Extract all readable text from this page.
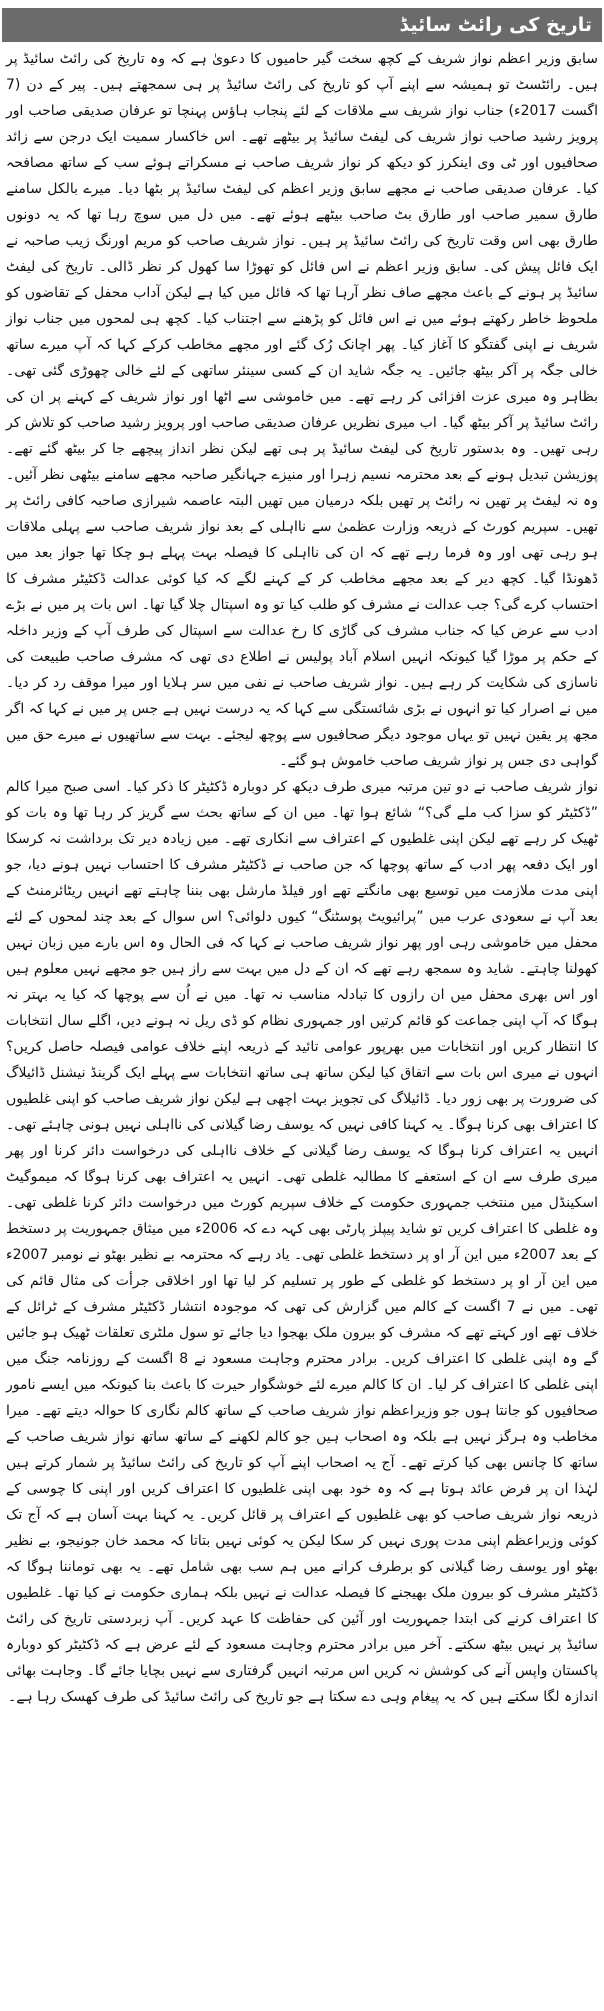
تاریخ کی رائٹ سائیڈ

سابق وزیر اعظم نواز شریف کے کچھ سخت گیر حامیوں کا دعویٰ ہے کہ وہ تاریخ کی رائٹ سائیڈ پر ہیں۔ رائٹسٹ تو ہمیشہ سے اپنے آپ کو تاریخ کی رائٹ سائیڈ پر ہی سمجھتے ہیں۔ پیر کے دن (7 اگست 2017ء) جناب نواز شریف سے ملاقات کے لئے پنجاب ہاؤس پہنچا تو عرفان صدیقی صاحب اور پرویز رشید صاحب نواز شریف کی لیفٹ سائیڈ پر بیٹھے تھے۔ اس خاکسار سمیت ایک درجن سے زائد صحافیوں اور ٹی وی اینکرز کو دیکھ کر نواز شریف صاحب نے مسکراتے ہوئے سب کے ساتھ مصافحہ کیا۔ عرفان صدیقی صاحب نے مجھے سابق وزیر اعظم کی لیفٹ سائیڈ پر بٹھا دیا۔ میرے بالکل سامنے طارق سمیر صاحب اور طارق بٹ صاحب بیٹھے ہوئے تھے۔ میں دل میں سوچ رہا تھا کہ یہ دونوں طارق بھی اس وقت تاریخ کی رائٹ سائیڈ پر ہیں۔ نواز شریف صاحب کو مریم اورنگ زیب صاحبہ نے ایک فائل پیش کی۔ سابق وزیر اعظم نے اس فائل کو تھوڑا سا کھول کر نظر ڈالی۔ تاریخ کی لیفٹ سائیڈ پر ہونے کے باعث مجھے صاف نظر آرہا تھا کہ فائل میں کیا ہے لیکن آداب محفل کے تقاضوں کو ملحوظ خاطر رکھتے ہوئے میں نے اس فائل کو پڑھنے سے اجتناب کیا۔ کچھ ہی لمحوں میں جناب نواز شریف نے اپنی گفتگو کا آغاز کیا۔ پھر اچانک رُک گئے اور مجھے مخاطب کرکے کہا کہ آپ میرے ساتھ خالی جگہ پر آکر بیٹھ جائیں۔ یہ جگہ شاید ان کے کسی سینئر ساتھی کے لئے خالی چھوڑی گئی تھی۔ بظاہر وہ میری عزت افزائی کر رہے تھے۔ میں خاموشی سے اٹھا اور نواز شریف کے کہنے پر ان کی رائٹ سائیڈ پر آکر بیٹھ گیا۔ اب میری نظریں عرفان صدیقی صاحب اور پرویز رشید صاحب کو تلاش کر رہی تھیں۔ وہ بدستور تاریخ کی لیفٹ سائیڈ پر ہی تھے لیکن نظر انداز پیچھے جا کر بیٹھ گئے تھے۔ پوزیشن تبدیل ہونے کے بعد محترمہ نسیم زہرا اور منیزے جہانگیر صاحبہ مجھے سامنے بیٹھی نظر آئیں۔ وہ نہ لیفٹ پر تھیں نہ رائٹ پر تھیں بلکہ درمیان میں تھیں البتہ عاصمہ شیرازی صاحبہ کافی رائٹ پر تھیں۔ سپریم کورٹ کے ذریعہ وزارت عظمیٰ سے نااہلی کے بعد نواز شریف صاحب سے پہلی ملاقات ہو رہی تھی اور وہ فرما رہے تھے کہ ان کی نااہلی کا فیصلہ بہت پہلے ہو چکا تھا جواز بعد میں ڈھونڈا گیا۔ کچھ دیر کے بعد مجھے مخاطب کر کے کہنے لگے کہ کیا کوئی عدالت ڈکٹیٹر مشرف کا احتساب کرے گی؟ جب عدالت نے مشرف کو طلب کیا تو وہ اسپتال چلا گیا تھا۔ اس بات پر میں نے بڑے ادب سے عرض کیا کہ جناب مشرف کی گاڑی کا رخ عدالت سے اسپتال کی طرف آپ کے وزیر داخلہ کے حکم پر موڑا گیا کیونکہ انہیں اسلام آباد پولیس نے اطلاع دی تھی کہ مشرف صاحب طبیعت کی ناسازی کی شکایت کر رہے ہیں۔ نواز شریف صاحب نے نفی میں سر ہلایا اور میرا موقف رد کر دیا۔ میں نے اصرار کیا تو انہوں نے بڑی شائستگی سے کہا کہ یہ درست نہیں ہے جس پر میں نے کہا کہ اگر مجھ پر یقین نہیں تو یہاں موجود دیگر صحافیوں سے پوچھ لیجئے۔ بہت سے ساتھیوں نے میرے حق میں گواہی دی جس پر نواز شریف صاحب خاموش ہو گئے۔

نواز شریف صاحب نے دو تین مرتبہ میری طرف دیکھ کر دوبارہ ڈکٹیٹر کا ذکر کیا۔ اسی صبح میرا کالم ”ڈکٹیٹر کو سزا کب ملے گی؟“ شائع ہوا تھا۔ میں ان کے ساتھ بحث سے گریز کر رہا تھا وہ بات کو ٹھیک کر رہے تھے لیکن اپنی غلطیوں کے اعتراف سے انکاری تھے۔ میں زیادہ دیر تک برداشت نہ کرسکا اور ایک دفعہ پھر ادب کے ساتھ پوچھا کہ جن صاحب نے ڈکٹیٹر مشرف کا احتساب نہیں ہونے دیا، جو اپنی مدت ملازمت میں توسیع بھی مانگتے تھے اور فیلڈ مارشل بھی بننا چاہتے تھے انہیں ریٹائرمنٹ کے بعد آپ نے سعودی عرب میں ”پرائیویٹ پوسٹنگ“ کیوں دلوائی؟ اس سوال کے بعد چند لمحوں کے لئے محفل میں خاموشی رہی اور پھر نواز شریف صاحب نے کہا کہ فی الحال وہ اس بارے میں زبان نہیں کھولنا چاہتے۔ شاید وہ سمجھ رہے تھے کہ ان کے دل میں بہت سے راز ہیں جو مجھے نہیں معلوم ہیں اور اس بھری محفل میں ان رازوں کا تبادلہ مناسب نہ تھا۔ میں نے اُن سے پوچھا کہ کیا یہ بہتر نہ ہوگا کہ آپ اپنی جماعت کو قائم کرتیں اور جمہوری نظام کو ڈی ریل نہ ہونے دیں، اگلے سال انتخابات کا انتظار کریں اور انتخابات میں بھرپور عوامی تائید کے ذریعہ اپنے خلاف عوامی فیصلہ حاصل کریں؟ انہوں نے میری اس بات سے اتفاق کیا لیکن ساتھ ہی ساتھ انتخابات سے پہلے ایک گرینڈ نیشنل ڈائیلاگ کی ضرورت پر بھی زور دیا۔ ڈائیلاگ کی تجویز بہت اچھی ہے لیکن نواز شریف صاحب کو اپنی غلطیوں کا اعتراف بھی کرنا ہوگا۔ یہ کہنا کافی نہیں کہ یوسف رضا گیلانی کی نااہلی نہیں ہونی چاہئے تھی۔ انہیں یہ اعتراف کرنا ہوگا کہ یوسف رضا گیلانی کے خلاف نااہلی کی درخواست دائر کرنا اور پھر میری طرف سے ان کے استعفے کا مطالبہ غلطی تھی۔ انہیں یہ اعتراف بھی کرنا ہوگا کہ میموگیٹ اسکینڈل میں منتخب جمہوری حکومت کے خلاف سپریم کورٹ میں درخواست دائر کرنا غلطی تھی۔ وہ غلطی کا اعتراف کریں تو شاید پیپلز پارٹی بھی کہہ دے کہ 2006ء میں میثاق جمہوریت پر دستخط کے بعد 2007ء میں این آر او پر دستخط غلطی تھی۔ یاد رہے کہ محترمہ بے نظیر بھٹو نے نومبر 2007ء میں این آر او پر دستخط کو غلطی کے طور پر تسلیم کر لیا تھا اور اخلاقی جرأت کی مثال قائم کی تھی۔ میں نے 7 اگست کے کالم میں گزارش کی تھی کہ موجودہ انتشار ڈکٹیٹر مشرف کے ٹرائل کے خلاف تھے اور کہتے تھے کہ مشرف کو بیرون ملک بھجوا دیا جائے تو سول ملٹری تعلقات ٹھیک ہو جائیں گے وہ اپنی غلطی کا اعتراف کریں۔ برادر محترم وجاہت مسعود نے 8 اگست کے روزنامہ جنگ میں اپنی غلطی کا اعتراف کر لیا۔ ان کا کالم میرے لئے خوشگوار حیرت کا باعث بنا کیونکہ میں ایسے نامور صحافیوں کو جانتا ہوں جو وزیراعظم نواز شریف صاحب کے ساتھ کالم نگاری کا حوالہ دیتے تھے۔ میرا مخاطب وہ ہرگز نہیں ہے بلکہ وہ اصحاب ہیں جو کالم لکھنے کے ساتھ ساتھ نواز شریف صاحب کے ساتھ کا چانس بھی کیا کرتے تھے۔ آج یہ اصحاب اپنے آپ کو تاریخ کی رائٹ سائیڈ پر شمار کرتے ہیں لہٰذا ان پر فرض عائد ہوتا ہے کہ وہ خود بھی اپنی غلطیوں کا اعتراف کریں اور اپنی کا چوسی کے ذریعہ نواز شریف صاحب کو بھی غلطیوں کے اعتراف پر قائل کریں۔ یہ کہنا بہت آسان ہے کہ آج تک کوئی وزیراعظم اپنی مدت پوری نہیں کر سکا لیکن یہ کوئی نہیں بتاتا کہ محمد خان جونیجو، بے نظیر بھٹو اور یوسف رضا گیلانی کو برطرف کرانے میں ہم سب بھی شامل تھے۔ یہ بھی توماننا ہوگا کہ ڈکٹیٹر مشرف کو بیرون ملک بھیجنے کا فیصلہ عدالت نے نہیں بلکہ ہماری حکومت نے کیا تھا۔ غلطیوں کا اعتراف کرنے کی ابتدا جمہوریت اور آئین کی حفاظت کا عہد کریں۔ آپ زبردستی تاریخ کی رائٹ سائیڈ پر نہیں بیٹھ سکتے۔ آخر میں برادر محترم وجاہت مسعود کے لئے عرض ہے کہ ڈکٹیٹر کو دوبارہ پاکستان واپس آنے کی کوشش نہ کریں اس مرتبہ انہیں گرفتاری سے نہیں بچایا جائے گا۔ وجاہت بھائی اندازہ لگا سکتے ہیں کہ یہ پیغام وہی دے سکتا ہے جو تاریخ کی رائٹ سائیڈ کی طرف کھسک رہا ہے۔
